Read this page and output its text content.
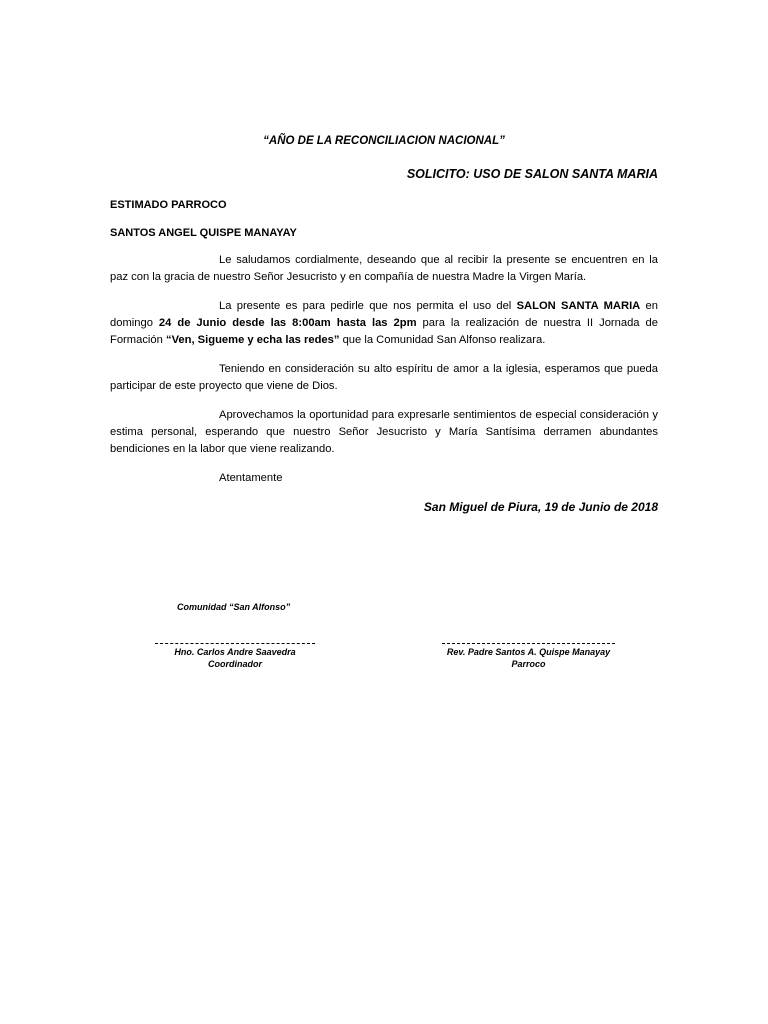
“AÑO DE LA RECONCILIACION NACIONAL”
SOLICITO: USO DE SALON SANTA MARIA
ESTIMADO PARROCO
SANTOS ANGEL QUISPE MANAYAY
Le saludamos cordialmente, deseando que al recibir la presente se encuentren en la paz con la gracia de nuestro Señor Jesucristo y en compañía de nuestra Madre la Virgen María.
La presente es para pedirle que nos permita el uso del SALON SANTA MARIA en domingo 24 de Junio desde las 8:00am hasta las 2pm para la realización de nuestra II Jornada de Formación “Ven, Sigueme y echa las redes” que la Comunidad San Alfonso realizara.
Teniendo en consideración su alto espíritu de amor a la iglesia, esperamos que pueda participar de este proyecto que viene de Dios.
Aprovechamos la oportunidad para expresarle sentimientos de especial consideración y estima personal, esperando que nuestro Señor Jesucristo y María Santísima derramen abundantes bendiciones en la labor que viene realizando.
Atentamente
San Miguel de Piura, 19 de Junio de 2018
Comunidad “San Alfonso”
Hno. Carlos Andre Saavedra
Coordinador
Rev. Padre Santos A. Quispe Manayay
Parroco
